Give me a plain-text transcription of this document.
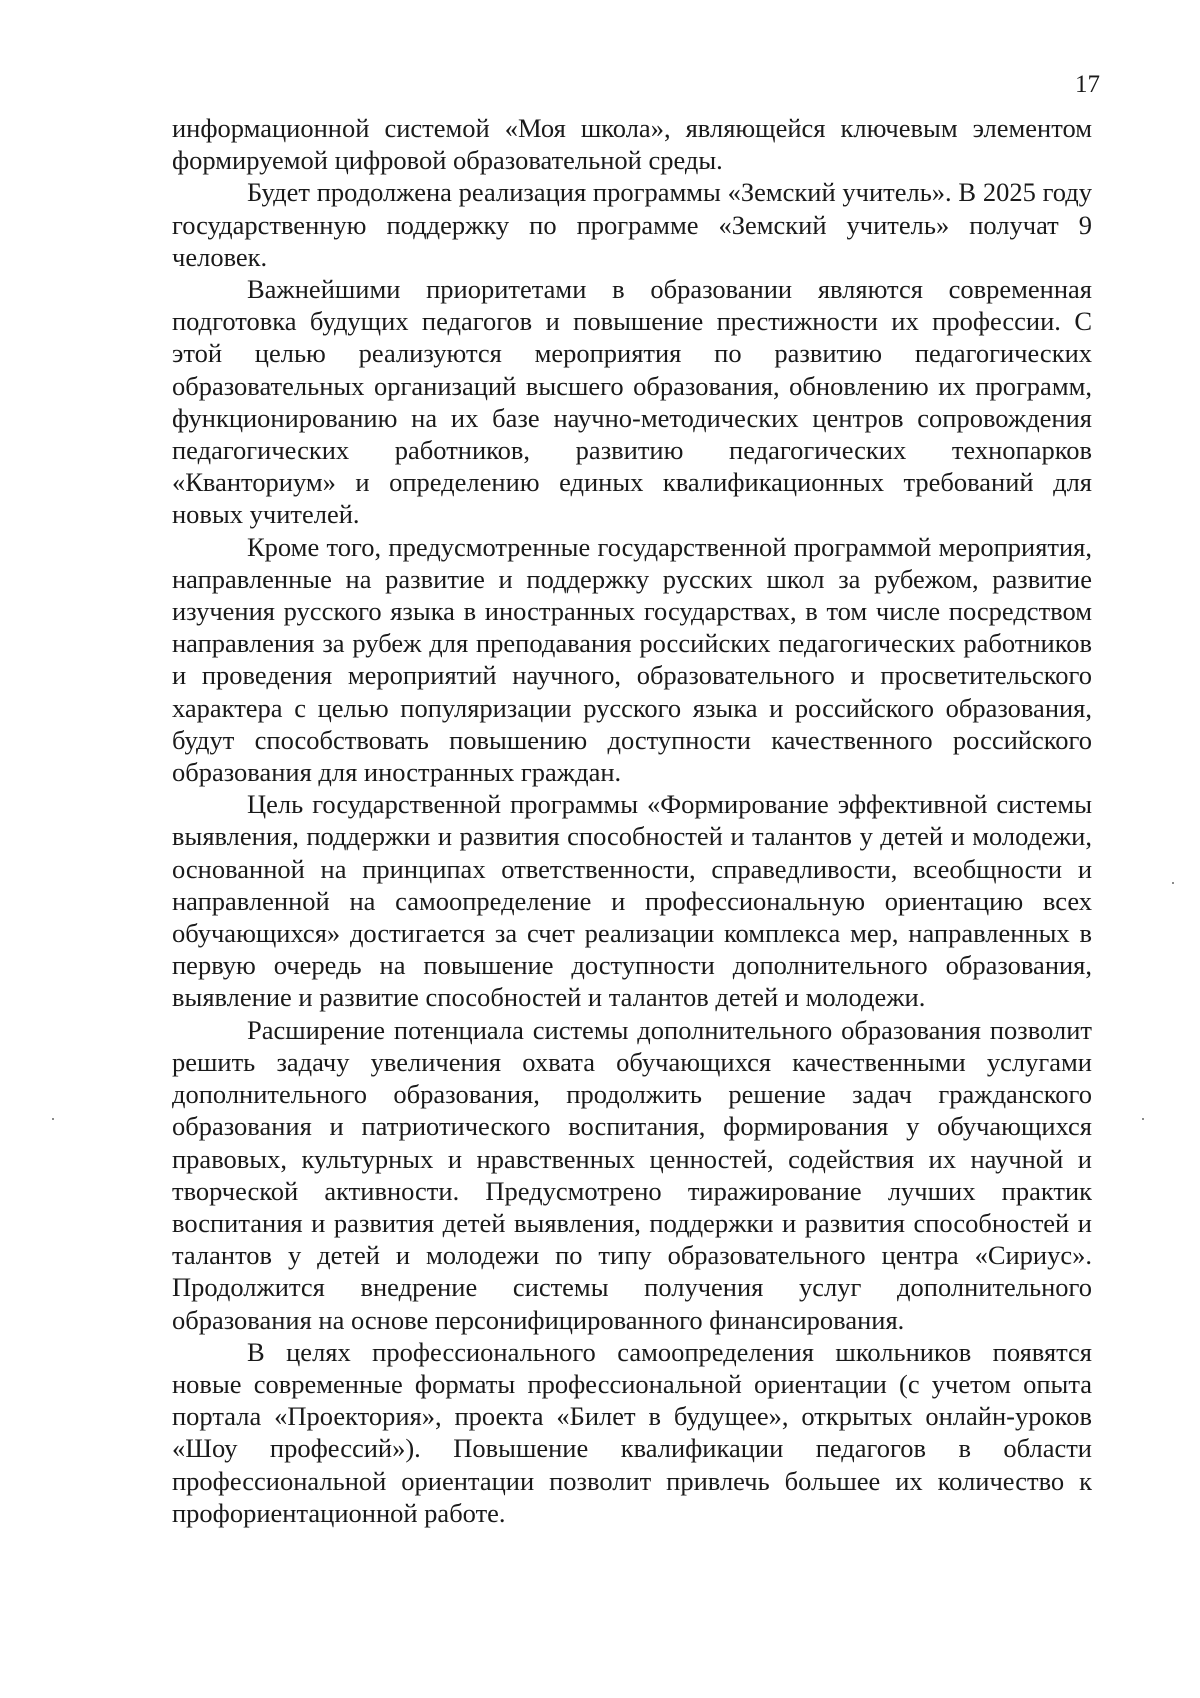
17

информационной системой «Моя школа», являющейся ключевым элементом формируемой цифровой образовательной среды.

Будет продолжена реализация программы «Земский учитель». В 2025 году государственную поддержку по программе «Земский учитель» получат 9 человек.

Важнейшими приоритетами в образовании являются современная подготовка будущих педагогов и повышение престижности их профессии. С этой целью реализуются мероприятия по развитию педагогических образовательных организаций высшего образования, обновлению их программ, функционированию на их базе научно-методических центров сопровождения педагогических работников, развитию педагогических технопарков «Кванториум» и определению единых квалификационных требований для новых учителей.

Кроме того, предусмотренные государственной программой мероприятия, направленные на развитие и поддержку русских школ за рубежом, развитие изучения русского языка в иностранных государствах, в том числе посредством направления за рубеж для преподавания российских педагогических работников и проведения мероприятий научного, образовательного и просветительского характера с целью популяризации русского языка и российского образования, будут способствовать повышению доступности качественного российского образования для иностранных граждан.

Цель государственной программы «Формирование эффективной системы выявления, поддержки и развития способностей и талантов у детей и молодежи, основанной на принципах ответственности, справедливости, всеобщности и направленной на самоопределение и профессиональную ориентацию всех обучающихся» достигается за счет реализации комплекса мер, направленных в первую очередь на повышение доступности дополнительного образования, выявление и развитие способностей и талантов детей и молодежи.

Расширение потенциала системы дополнительного образования позволит решить задачу увеличения охвата обучающихся качественными услугами дополнительного образования, продолжить решение задач гражданского образования и патриотического воспитания, формирования у обучающихся правовых, культурных и нравственных ценностей, содействия их научной и творческой активности. Предусмотрено тиражирование лучших практик воспитания и развития детей выявления, поддержки и развития способностей и талантов у детей и молодежи по типу образовательного центра «Сириус». Продолжится внедрение системы получения услуг дополнительного образования на основе персонифицированного финансирования.

В целях профессионального самоопределения школьников появятся новые современные форматы профессиональной ориентации (с учетом опыта портала «Проектория», проекта «Билет в будущее», открытых онлайн-уроков «Шоу профессий»). Повышение квалификации педагогов в области профессиональной ориентации позволит привлечь большее их количество к профориентационной работе.
